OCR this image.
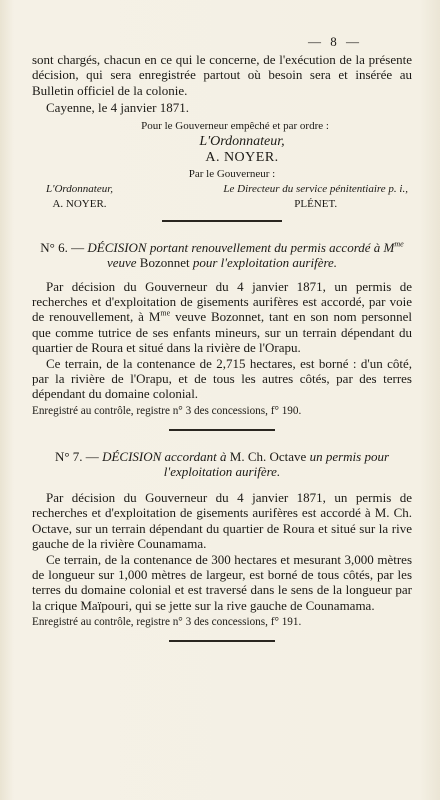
— 8 —

sont chargés, chacun en ce qui le concerne, de l'exécution de la présente décision, qui sera enregistrée partout où besoin sera et insérée au Bulletin officiel de la colonie.

Cayenne, le 4 janvier 1871.

Pour le Gouverneur empêché et par ordre :
L'Ordonnateur,
A. NOYER.
Par le Gouverneur :
L'Ordonnateur,
A. NOYER.
Le Directeur du service pénitentiaire p. i.,
PLÉNET.
N° 6. — DÉCISION portant renouvellement du permis accordé à $M^{me}$ veuve Bozonnet pour l'exploitation aurifère.

Par décision du Gouverneur du 4 janvier 1871, un permis de recherches et d'exploitation de gisements aurifères est accordé, par voie de renouvellement, à $M^{me}$ veuve Bozonnet, tant en son nom personnel que comme tutrice de ses enfants mineurs, sur un terrain dépendant du quartier de Roura et situé dans la rivière de l'Orapu.

Ce terrain, de la contenance de 2,715 hectares, est borné : d'un côté, par la rivière de l'Orapu, et de tous les autres côtés, par des terres dépendant du domaine colonial.

Enregistré au contrôle, registre n° 3 des concessions, f° 190.

N° 7. — DÉCISION accordant à M. Ch. Octave un permis pour l'exploitation aurifère.

Par décision du Gouverneur du 4 janvier 1871, un permis de recherches et d'exploitation de gisements aurifères est accordé à M. Ch. Octave, sur un terrain dépendant du quartier de Roura et situé sur la rive gauche de la rivière Counamama.

Ce terrain, de la contenance de 300 hectares et mesurant 3,000 mètres de longueur sur 1,000 mètres de largeur, est borné de tous côtés, par les terres du domaine colonial et est traversé dans le sens de la longueur par la crique Maïpouri, qui se jette sur la rive gauche de Counamama.

Enregistré au contrôle, registre n° 3 des concessions, f° 191.
